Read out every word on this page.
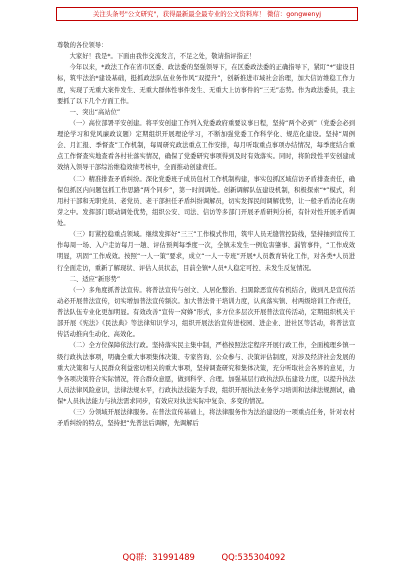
关注头条号"公文研究"，获得最新最全最专业的公文资料库！ 微信：gongwenyj

尊敬的各位领导：

大家好！我是*。下面由我作交流发言，不足之处，敬请指评指正！

今年以来，*政法工作在省市区委、政法委的坚强领导下，在区委政法委的正确指导下，紧盯“*”建设目标，筑牢法治*建设基础，挺抓政法队伍业务作风“双提升”，创新推进市域社会治理，加大信访维稳工作力度，实现了无重大案件发生、无重大群体性事件发生、无重大上访事件的“三无”态势。作为政法委员，我主要抓了以下几个方面工作。

一、突出“高站位”

（一）高位部署平安创建。将平安创建工作列入党委政府重要议事日程，坚持“两个必到”（党委会必到理论学习和党风廉政议题）定期组织开展理论学习，不断加强党委工作科学化、规范化建设。坚持“周例会、月汇报、季督查”工作机制，每周研究政法重点工作安排，每月听取重点事项办结情况，每季度结合重点工作督查实地查看各村社落实情况，确保了党委研究事项得到及时有效落实。同时，将阶段性平安创建成效纳入领导干部综治维稳效绩考核中，全面推动创建责任。

（二）精准排查矛盾纠纷。深化党委班子成员包村工作机制构建，事实包抓区域信访矛盾排查责任，确保包抓区内问题包抓工作思路“两个同步”，第一时间调处。创新调解队伍建设机制，积极探索“*”模式，利用村干部和无职党员、老党员、老干部担任矛盾纠纷调解员，切实发挥民间调解优势，让一般矛盾消化在萌芽之中。发挥部门联动调处优势，组织公安、司法、信访等多部门开展矛盾研判分析，有针对性开展矛盾调处。

（三）盯紧控稳重点领域。继续发挥好“三三”工作模式作用，筑牢人员无缝管控防线，坚持抽到宣传工作每周一场、入户走访每月一趟、评估预判每季度一次，全镇未发生一例危害肇事、漏管事件，“工作成效明显，巩固“工作成效。按照“一人一策”要求，成立“一人一专班”开展*人员教育转化工作，对各类*人员进行全面走访，重新了解现状、评估人员状态，目前全镇*人员*人稳定可控、未发生反复情况。

二、适应“新形势”

（一）多角度抓普法宣传。将普法宣传与创文、人居化整治、扫黑除恶宣传有机结合，做到凡是宣传活动必开展普法宣传，切实增加普法宣传频次。加大普法骨干培训力度，认真落实镇、村两级培训工作责任，普法队伍专业化更加明显。有效改善“宣传一窝蜂”形式，多方位多层次开展普法宣传活动，定期组织机关干部开展《宪法》《民法典》等法律知识学习，组织开展法治宣传进校园、进企业、进社区等活动，将普法宣传活动推向生动化、高效化。

（二）全方位保障依法行政。坚持落实民主集中制，严格按照法定程序开展行政工作，全面梳理乡镇一级行政执法事项，明确全重大事项集体决策、专家咨询、公众参与、决策评估制度，对涉及经济社会发展的重大决策和与人民群众利益密切相关的重大事项，坚持调查研究和集体决策，充分听取社会各界的意见，力争各项决策符合实际情况，符合群众意愿，做到科学、合理。加强基层行政执法队伍建设力度，以提升执法人员法律风险意识，法律法规水平，行政执法技能为手段，组织开展执法业务学习培训和法律法规测试，确保*人员执法能力与执法需求同步，有效应对执法实际中复杂、多变的情况。

（三）分领域开展法律服务。在普法宣传基础上，将法律服务作为法治建设的一项重点任务，针对农村矛盾纠纷的特点，坚持把“先普法后调解，先调解后

QQ群:  31991489          QQ:535304092
